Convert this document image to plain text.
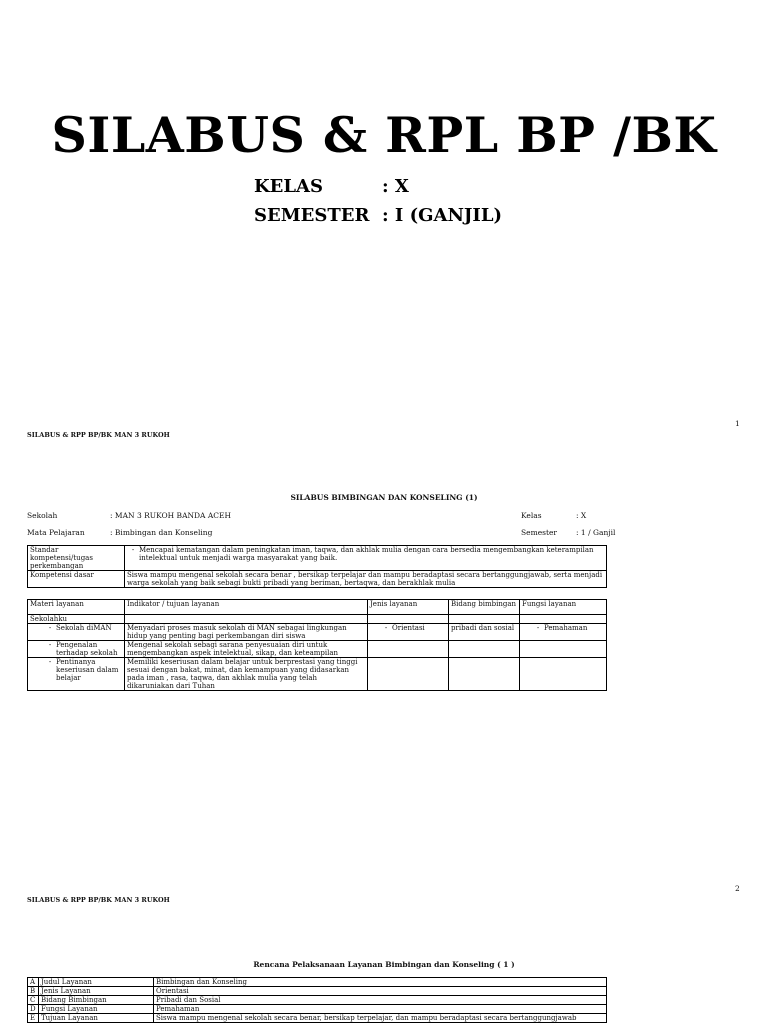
SILABUS & RPL BP /BK
KELAS	: X
SEMESTER : I (GANJIL)
1
SILABUS & RPP BP/BK MAN 3 RUKOH
SILABUS BIMBINGAN DAN KONSELING (1)
Sekolah	: MAN 3 RUKOH BANDA ACEH	Kelas	: X
Mata Pelajaran	: Bimbingan dan Konseling	Semester	: 1 / Ganjil
Standar kompetensi/tugas perkembangan	- Mencapai kematangan dalam peningkatan iman, taqwa, dan akhlak mulia dengan cara bersedia mengembangkan keterampilan intelektual untuk menjadi warga masyarakat yang baik.

Kompetensi dasar	Siswa mampu mengenal sekolah secara benar , bersikap terpelajar dan mampu beradaptasi secara bertanggungjawab, serta menjadi warga sekolah yang baik sebagi bukti pribadi yang beriman, bertaqwa, dan berakhlak mulia
Materi layanan	Indikator / tujuan layanan	Jenis layanan	Bidang bimbingan	Fungsi layanan
Sekolahku				

- Sekolah diMAN	Menyadari proses masuk sekolah di MAN sebagai lingkungan hidup yang penting bagi perkembangan diri siswa	- Orientasi	pribadi dan sosial	- Pemahaman

- Pengenalan terhadap sekolah	Mengenal sekolah sebagi sarana penyesuaian diri untuk mengembangkan aspek intelektual, sikap, dan keteampilan			

- Pentinanya keseriusan dalam belajar	Memiliki keseriusan dalam belajar untuk berprestasi yang tinggi sesuai dengan bakat, minat, dan kemampuan yang didasarkan pada iman , rasa, taqwa, dan akhlak mulia yang telah dikaruniakan dari Tuhan			
2
SILABUS & RPP BP/BK MAN 3 RUKOH
Rencana Pelaksanaan Layanan Bimbingan dan Konseling ( 1 )
A	Judul Layanan	Bimbingan dan Konseling
B	Jenis Layanan	Orientasi
C	Bidang Bimbingan	Pribadi dan Sosial
D	Fungsi Layanan	Pemahaman
E	Tujuan Layanan	Siswa mampu mengenal sekolah secara benar, bersikap terpelajar, dan mampu beradaptasi secara bertanggungjawab
